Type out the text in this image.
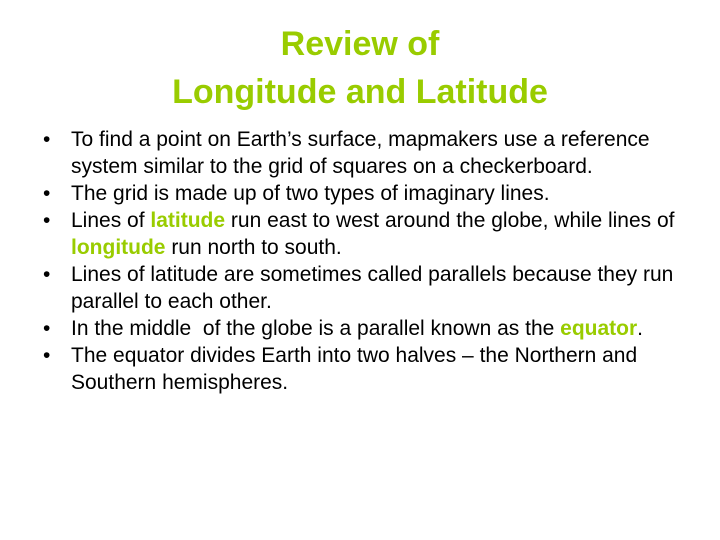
Review of
Longitude and Latitude
• To find a point on Earth’s surface, mapmakers use a reference system similar to the grid of squares on a checkerboard.
• The grid is made up of two types of imaginary lines.
• Lines of latitude run east to west around the globe, while lines of longitude run north to south.
• Lines of latitude are sometimes called parallels because they run parallel to each other.
• In the middle  of the globe is a parallel known as the equator.
• The equator divides Earth into two halves – the Northern and Southern hemispheres.
